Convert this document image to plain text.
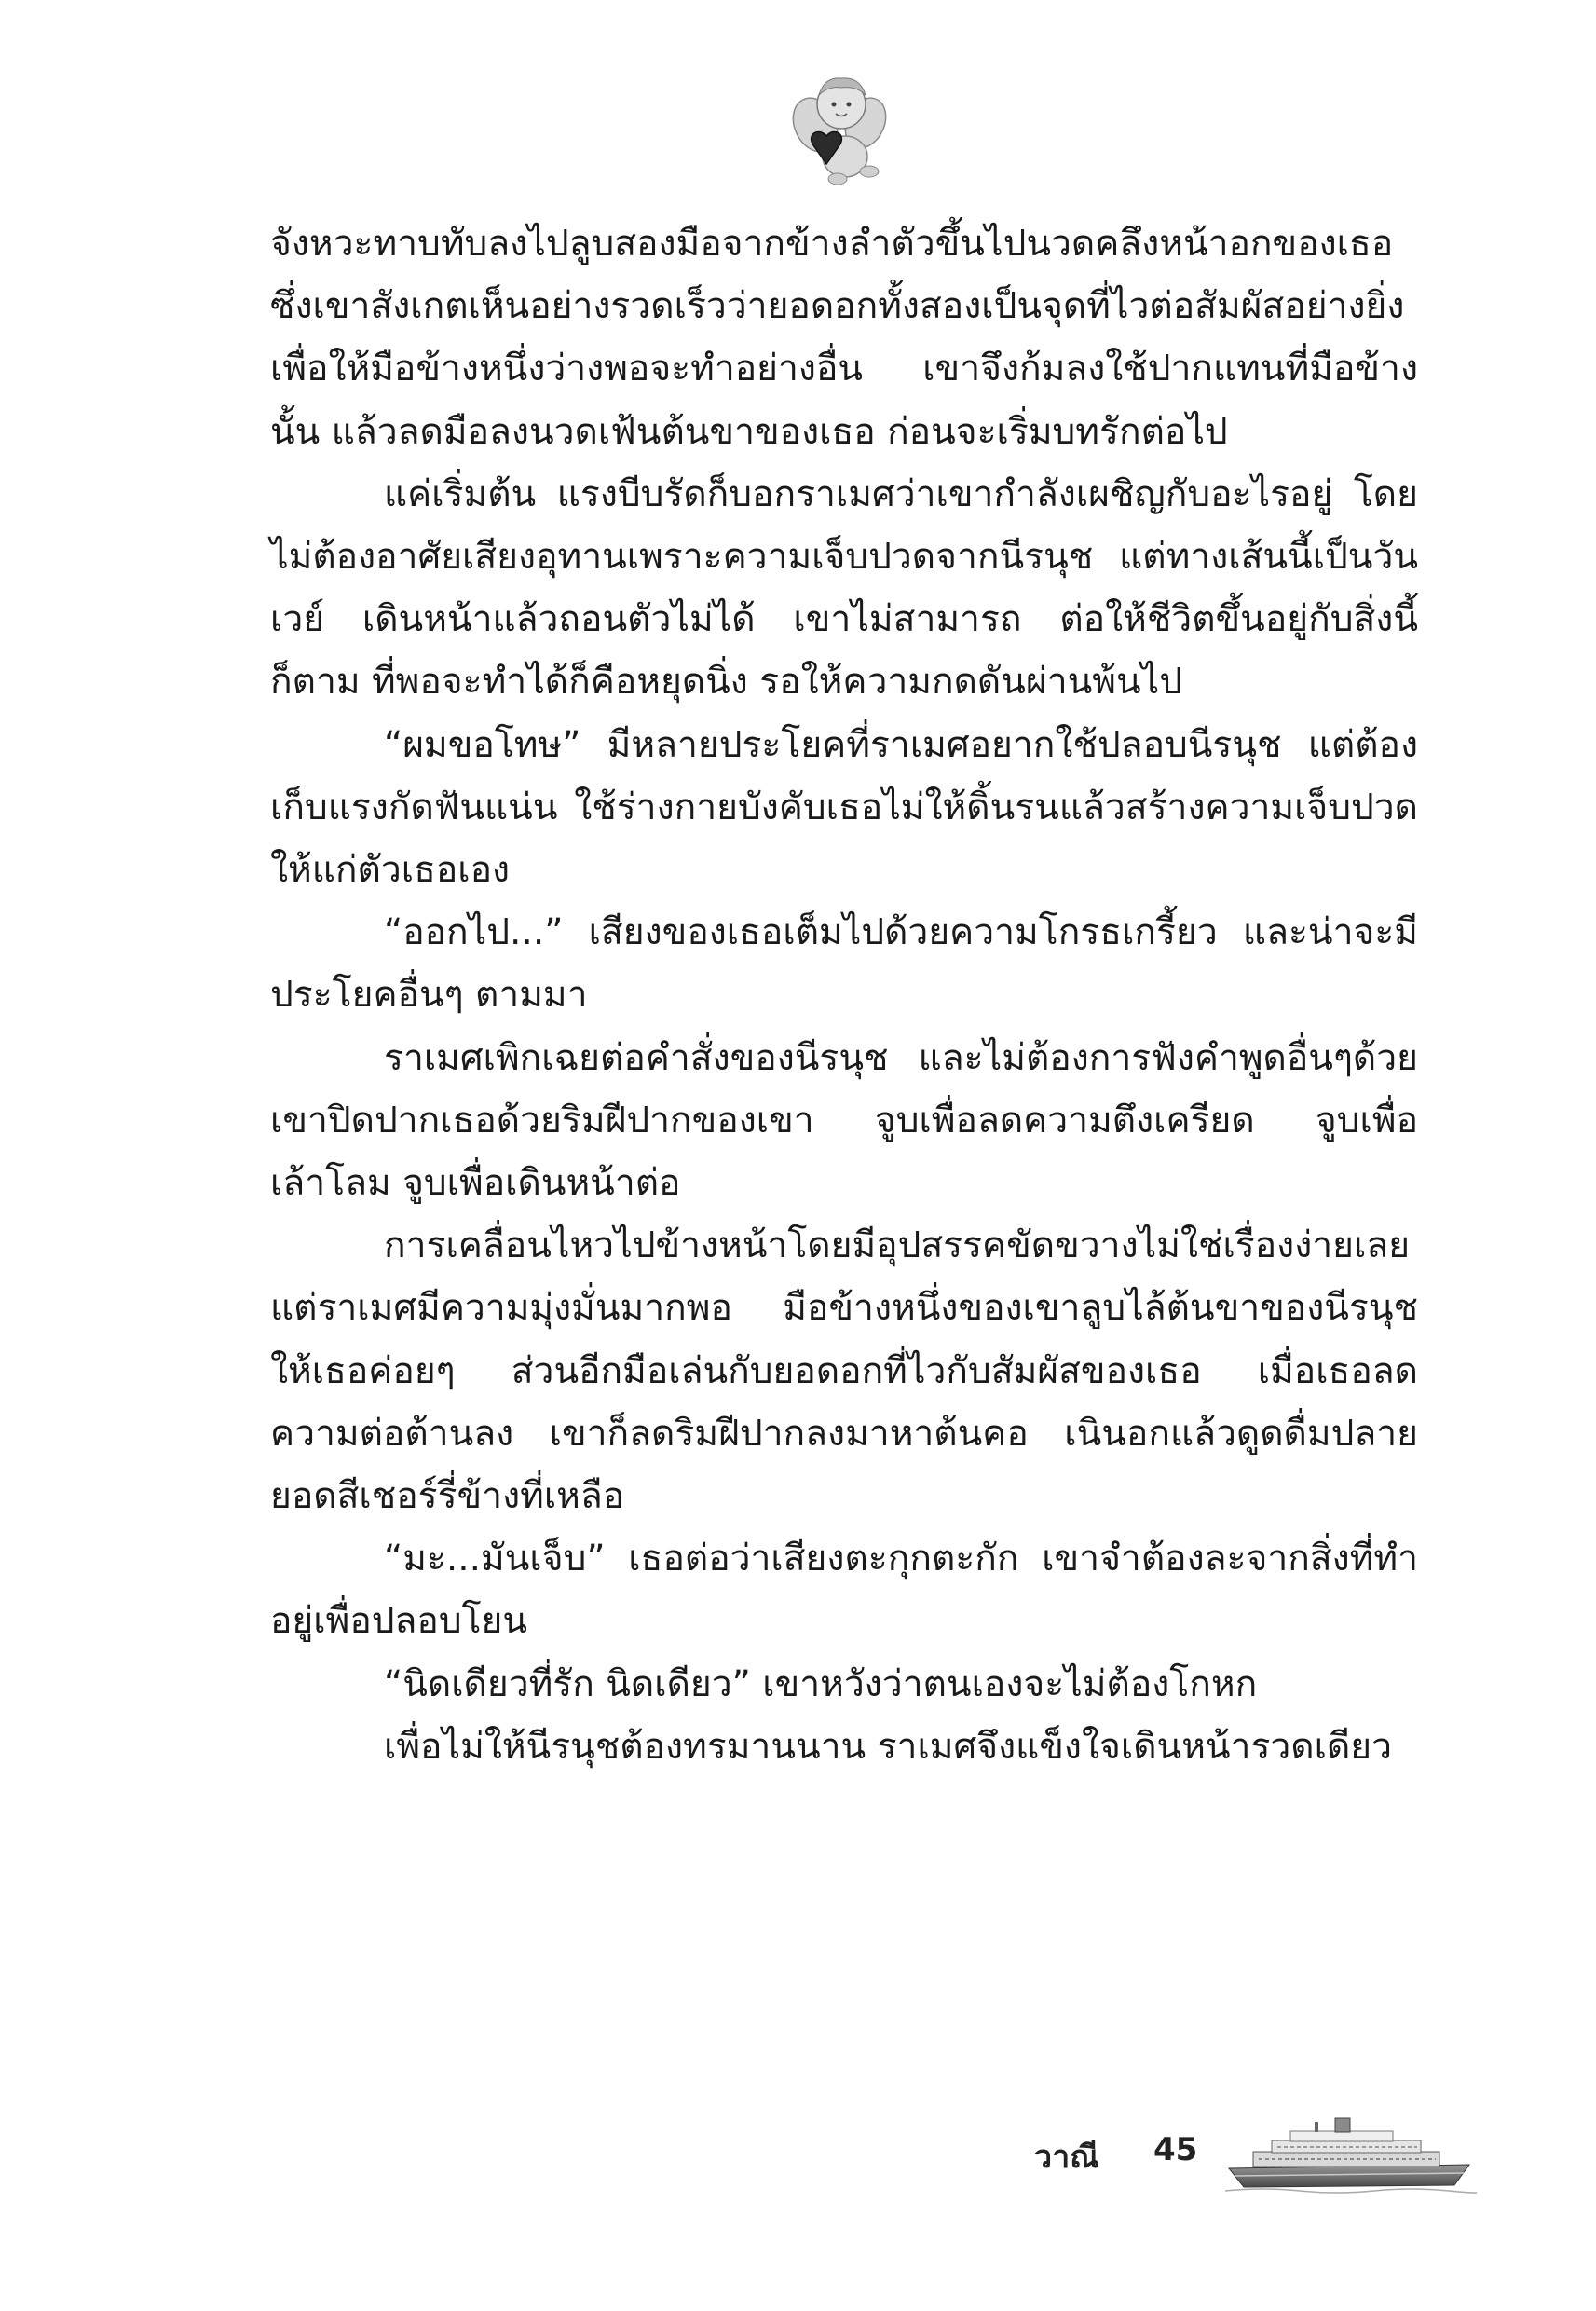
จังหวะทาบทับลงไปลูบสองมือจากข้างลำตัวขึ้นไปนวดคลึงหน้าอกของเธอ ซึ่งเขาสังเกตเห็นอย่างรวดเร็วว่ายอดอกทั้งสองเป็นจุดที่ไวต่อสัมผัสอย่างยิ่ง เพื่อให้มือข้างหนึ่งว่างพอจะทำอย่างอื่น เขาจึงก้มลงใช้ปากแทนที่มือข้างนั้น แล้วลดมือลงนวดเฟ้นต้นขาของเธอ ก่อนจะเริ่มบทรักต่อไป

แค่เริ่มต้น แรงบีบรัดก็บอกราเมศว่าเขากำลังเผชิญกับอะไรอยู่ โดยไม่ต้องอาศัยเสียงอุทานเพราะความเจ็บปวดจากนีรนุช แต่ทางเส้นนี้เป็นวันเวย์ เดินหน้าแล้วถอนตัวไม่ได้ เขาไม่สามารถ ต่อให้ชีวิตขึ้นอยู่กับสิ่งนี้ก็ตาม ที่พอจะทำได้ก็คือหยุดนิ่ง รอให้ความกดดันผ่านพ้นไป

“ผมขอโทษ” มีหลายประโยคที่ราเมศอยากใช้ปลอบนีรนุช แต่ต้องเก็บแรงกัดฟันแน่น ใช้ร่างกายบังคับเธอไม่ให้ดิ้นรนแล้วสร้างความเจ็บปวดให้แก่ตัวเธอเอง

“ออกไป...” เสียงของเธอเต็มไปด้วยความโกรธเกรี้ยว และน่าจะมีประโยคอื่นๆ ตามมา

ราเมศเพิกเฉยต่อคำสั่งของนีรนุช และไม่ต้องการฟังคำพูดอื่นๆด้วย เขาปิดปากเธอด้วยริมฝีปากของเขา จูบเพื่อลดความตึงเครียด จูบเพื่อเล้าโลม จูบเพื่อเดินหน้าต่อ

การเคลื่อนไหวไปข้างหน้าโดยมีอุปสรรคขัดขวางไม่ใช่เรื่องง่ายเลย แต่ราเมศมีความมุ่งมั่นมากพอ มือข้างหนึ่งของเขาลูบไล้ต้นขาของนีรนุชให้เธอค่อยๆ ส่วนอีกมือเล่นกับยอดอกที่ไวกับสัมผัสของเธอ เมื่อเธอลดความต่อต้านลง เขาก็ลดริมฝีปากลงมาหาต้นคอ เนินอกแล้วดูดดื่มปลายยอดสีเชอร์รี่ข้างที่เหลือ

“มะ...มันเจ็บ” เธอต่อว่าเสียงตะกุกตะกัก เขาจำต้องละจากสิ่งที่ทำอยู่เพื่อปลอบโยน

“นิดเดียวที่รัก นิดเดียว” เขาหวังว่าตนเองจะไม่ต้องโกหก

เพื่อไม่ให้นีรนุชต้องทรมานนาน ราเมศจึงแข็งใจเดินหน้ารวดเดียว

วาณี 45
